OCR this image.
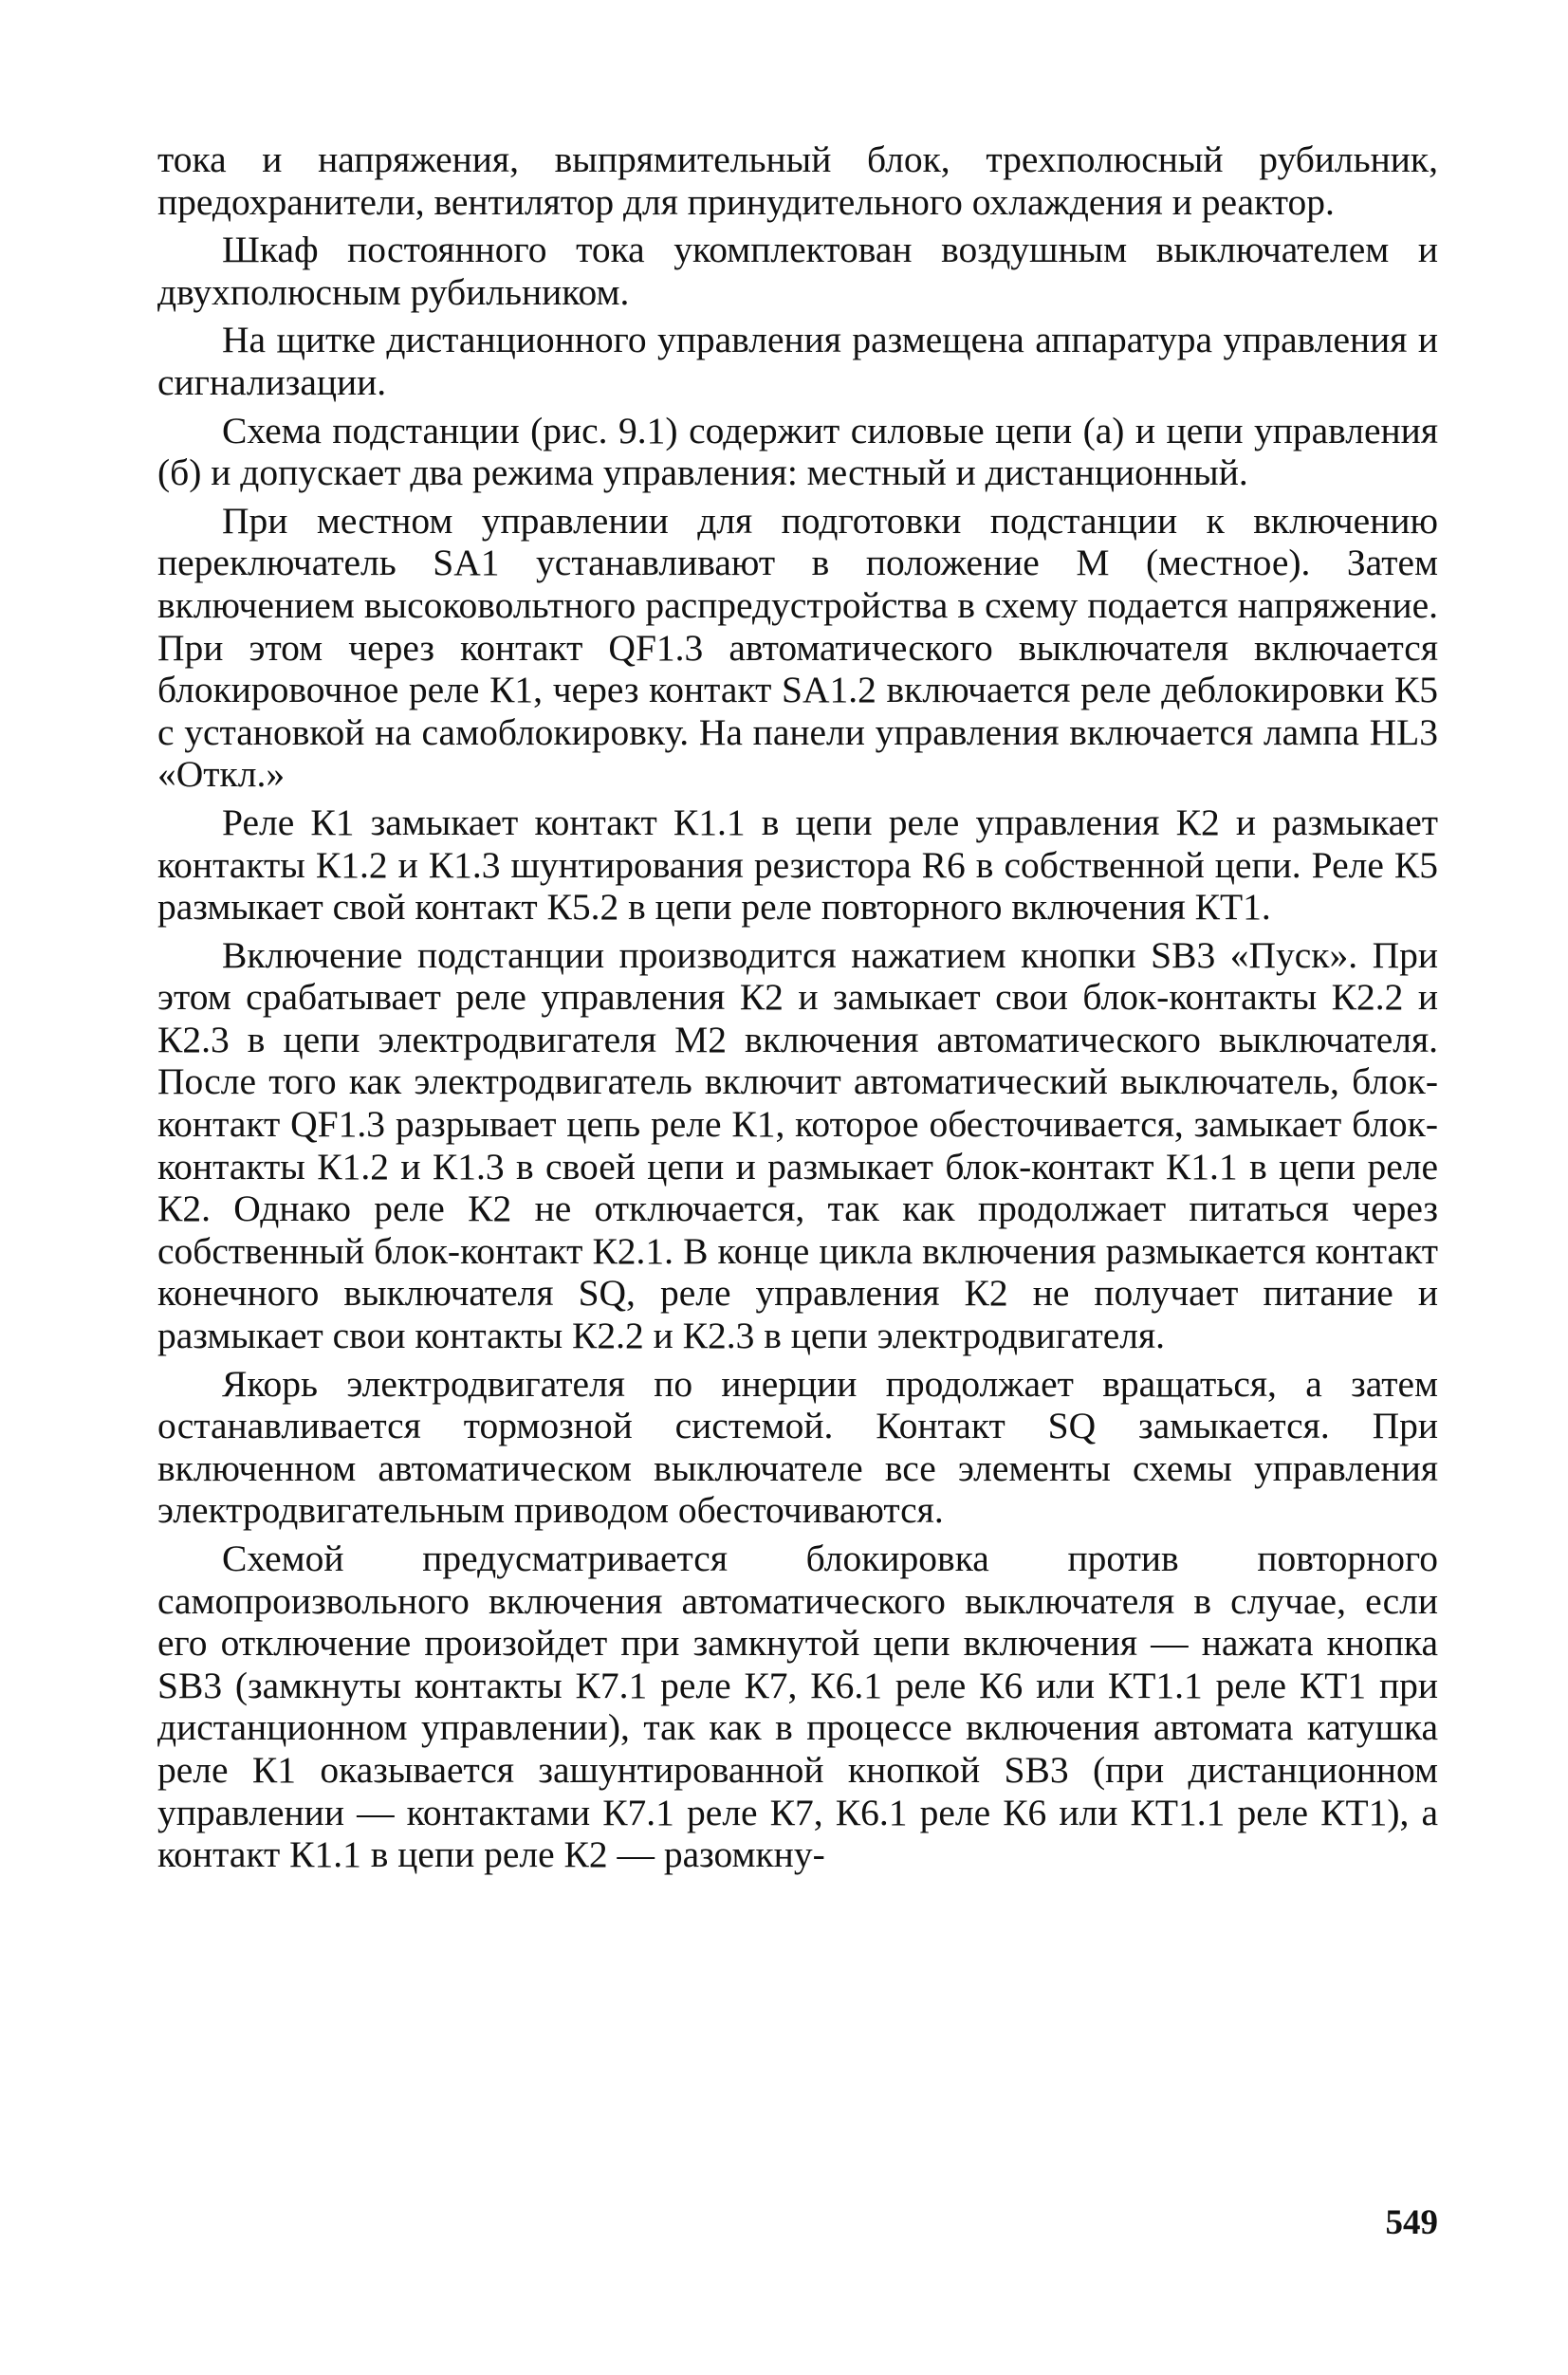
тока и напряжения, выпрямительный блок, трехполюсный рубильник, предохранители, вентилятор для принудительного охлаждения и реактор.

Шкаф постоянного тока укомплектован воздушным выключателем и двухполюсным рубильником.

На щитке дистанционного управления размещена аппаратура управления и сигнализации.

Схема подстанции (рис. 9.1) содержит силовые цепи (а) и цепи управления (б) и допускает два режима управления: местный и дистанционный.

При местном управлении для подготовки подстанции к включению переключатель SA1 устанавливают в положение М (местное). Затем включением высоковольтного распредустройства в схему подается напряжение. При этом через контакт QF1.3 автоматического выключателя включается блокировочное реле К1, через контакт SA1.2 включается реле деблокировки К5 с установкой на самоблокировку. На панели управления включается лампа HL3 «Откл.»

Реле К1 замыкает контакт К1.1 в цепи реле управления К2 и размыкает контакты К1.2 и К1.3 шунтирования резистора R6 в собственной цепи. Реле К5 размыкает свой контакт К5.2 в цепи реле повторного включения КТ1.

Включение подстанции производится нажатием кнопки SB3 «Пуск». При этом срабатывает реле управления К2 и замыкает свои блок-контакты К2.2 и К2.3 в цепи электродвигателя М2 включения автоматического выключателя. После того как электродвигатель включит автоматический выключатель, блок-контакт QF1.3 разрывает цепь реле К1, которое обесточивается, замыкает блок-контакты К1.2 и К1.3 в своей цепи и размыкает блок-контакт К1.1 в цепи реле К2. Однако реле К2 не отключается, так как продолжает питаться через собственный блок-контакт К2.1. В конце цикла включения размыкается контакт конечного выключателя SQ, реле управления К2 не получает питание и размыкает свои контакты К2.2 и К2.3 в цепи электродвигателя.

Якорь электродвигателя по инерции продолжает вращаться, а затем останавливается тормозной системой. Контакт SQ замыкается. При включенном автоматическом выключателе все элементы схемы управления электродвигательным приводом обесточиваются.

Схемой предусматривается блокировка против повторного самопроизвольного включения автоматического выключателя в случае, если его отключение произойдет при замкнутой цепи включения — нажата кнопка SB3 (замкнуты контакты К7.1 реле К7, К6.1 реле К6 или КТ1.1 реле КТ1 при дистанционном управлении), так как в процессе включения автомата катушка реле К1 оказывается зашунтированной кнопкой SB3 (при дистанционном управлении — контактами К7.1 реле К7, К6.1 реле К6 или КТ1.1 реле КТ1), а контакт К1.1 в цепи реле К2 — разомкну-

549
